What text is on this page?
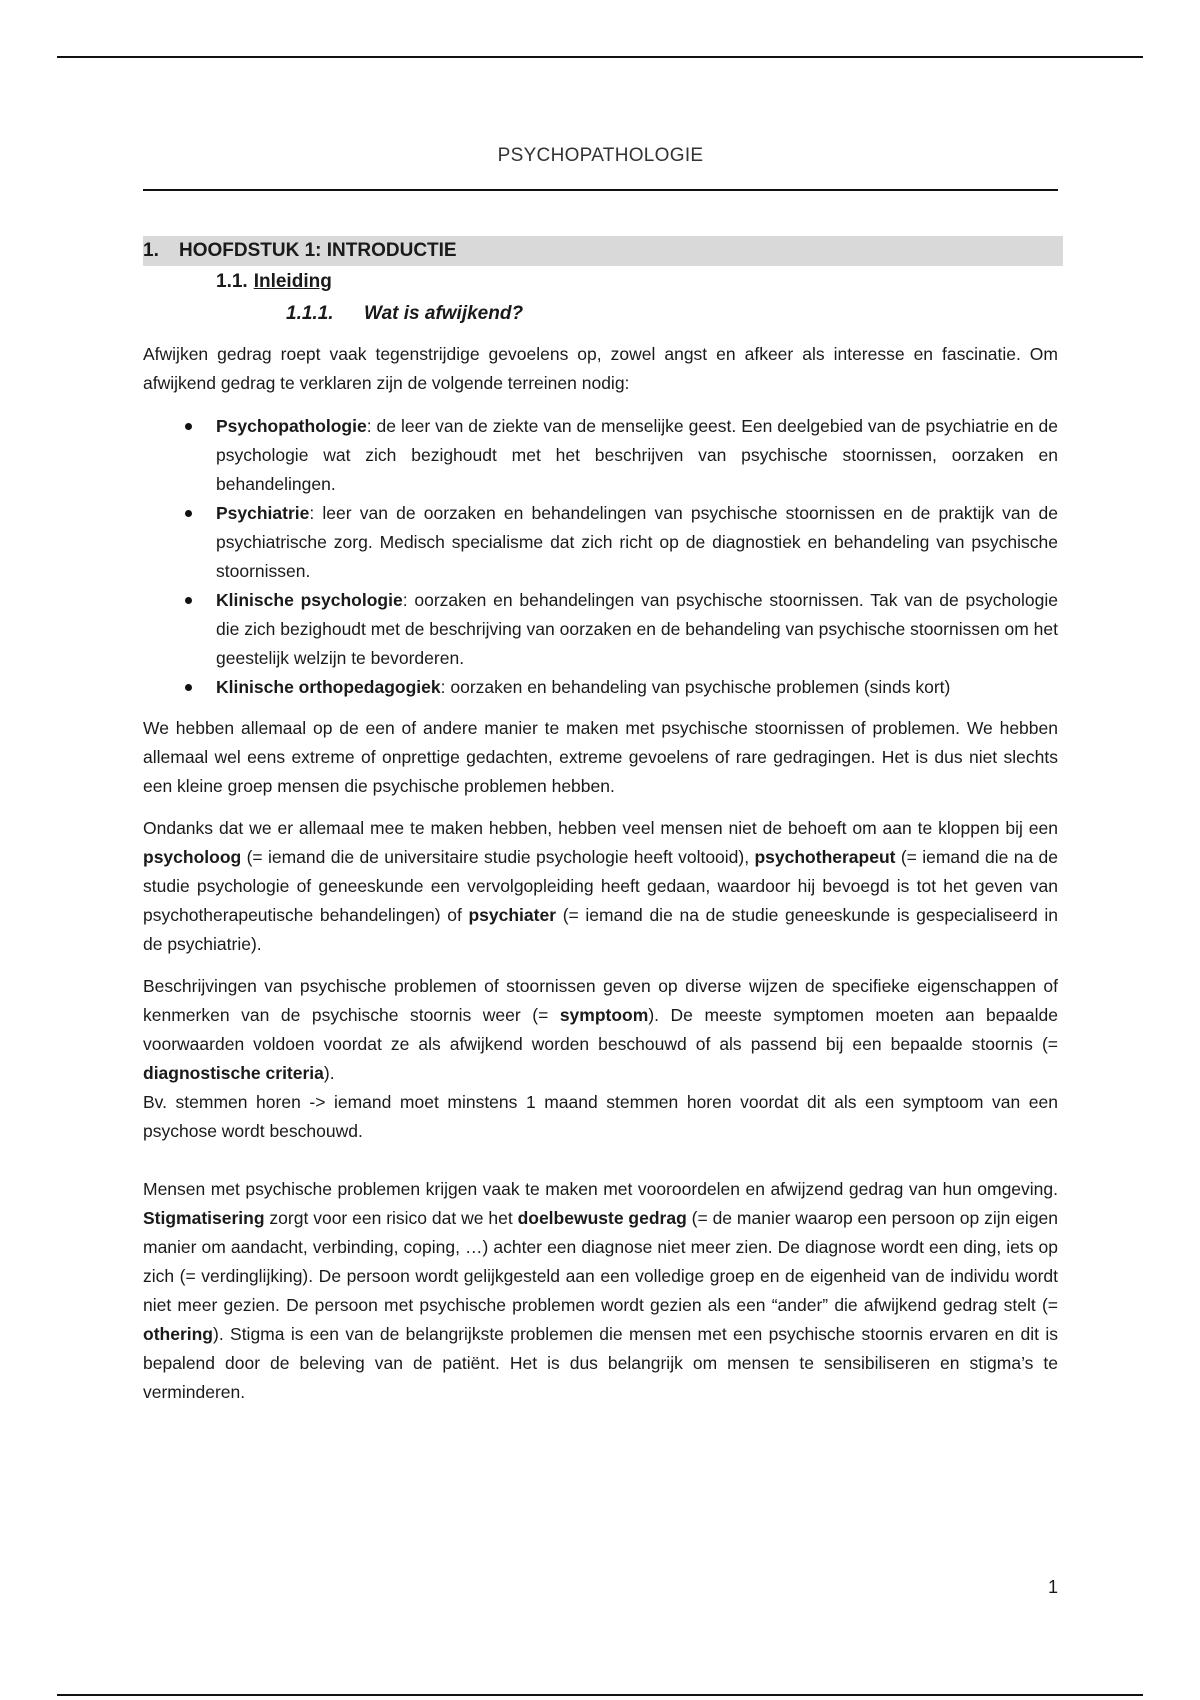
PSYCHOPATHOLOGIE
1. HOOFDSTUK 1: INTRODUCTIE
1.1. Inleiding
1.1.1. Wat is afwijkend?

Afwijken gedrag roept vaak tegenstrijdige gevoelens op, zowel angst en afkeer als interesse en fascinatie. Om afwijkend gedrag te verklaren zijn de volgende terreinen nodig:

Psychopathologie: de leer van de ziekte van de menselijke geest. Een deelgebied van de psychiatrie en de psychologie wat zich bezighoudt met het beschrijven van psychische stoornissen, oorzaken en behandelingen.
Psychiatrie: leer van de oorzaken en behandelingen van psychische stoornissen en de praktijk van de psychiatrische zorg. Medisch specialisme dat zich richt op de diagnostiek en behandeling van psychische stoornissen.
Klinische psychologie: oorzaken en behandelingen van psychische stoornissen. Tak van de psychologie die zich bezighoudt met de beschrijving van oorzaken en de behandeling van psychische stoornissen om het geestelijk welzijn te bevorderen.
Klinische orthopedagogiek: oorzaken en behandeling van psychische problemen (sinds kort)

We hebben allemaal op de een of andere manier te maken met psychische stoornissen of problemen. We hebben allemaal wel eens extreme of onprettige gedachten, extreme gevoelens of rare gedragingen. Het is dus niet slechts een kleine groep mensen die psychische problemen hebben.

Ondanks dat we er allemaal mee te maken hebben, hebben veel mensen niet de behoeft om aan te kloppen bij een psycholoog (= iemand die de universitaire studie psychologie heeft voltooid), psychotherapeut (= iemand die na de studie psychologie of geneeskunde een vervolgopleiding heeft gedaan, waardoor hij bevoegd is tot het geven van psychotherapeutische behandelingen) of psychiater (= iemand die na de studie geneeskunde is gespecialiseerd in de psychiatrie).

Beschrijvingen van psychische problemen of stoornissen geven op diverse wijzen de specifieke eigenschappen of kenmerken van de psychische stoornis weer (= symptoom). De meeste symptomen moeten aan bepaalde voorwaarden voldoen voordat ze als afwijkend worden beschouwd of als passend bij een bepaalde stoornis (= diagnostische criteria).

Bv. stemmen horen -> iemand moet minstens 1 maand stemmen horen voordat dit als een symptoom van een psychose wordt beschouwd.

Mensen met psychische problemen krijgen vaak te maken met vooroordelen en afwijzend gedrag van hun omgeving. Stigmatisering zorgt voor een risico dat we het doelbewuste gedrag (= de manier waarop een persoon op zijn eigen manier om aandacht, verbinding, coping, …) achter een diagnose niet meer zien. De diagnose wordt een ding, iets op zich (= verdinglijking). De persoon wordt gelijkgesteld aan een volledige groep en de eigenheid van de individu wordt niet meer gezien. De persoon met psychische problemen wordt gezien als een “ander” die afwijkend gedrag stelt (= othering). Stigma is een van de belangrijkste problemen die mensen met een psychische stoornis ervaren en dit is bepalend door de beleving van de patiënt. Het is dus belangrijk om mensen te sensibiliseren en stigma’s te verminderen.

1
